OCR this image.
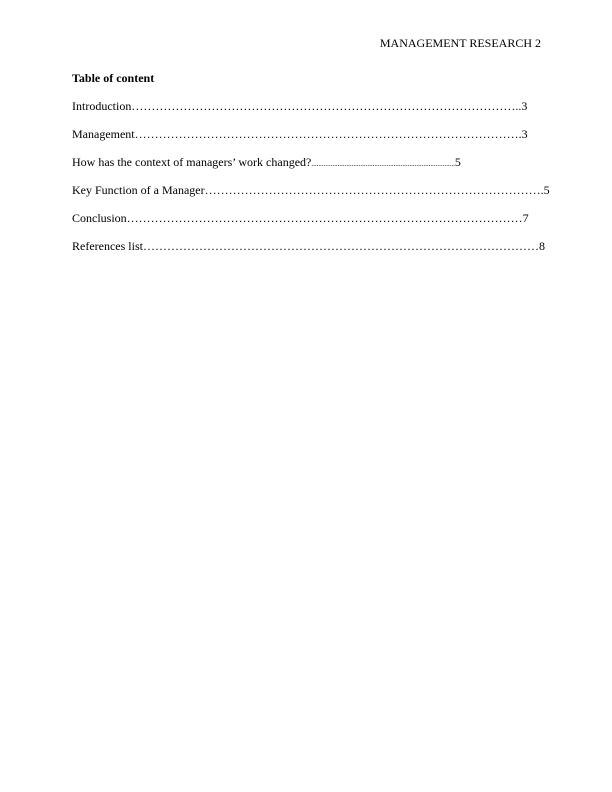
MANAGEMENT RESEARCH 2
Table of content
Introduction……………………………………………………………………………………..3
Management…………………………………………………………………………………….3
How has the context of managers’ work changed?..................................................................................5
Key Function of a Manager………………………………………………………………………….5
Conclusion………………………………………………………………………………………7
References list………………………………………………………………………………………8
